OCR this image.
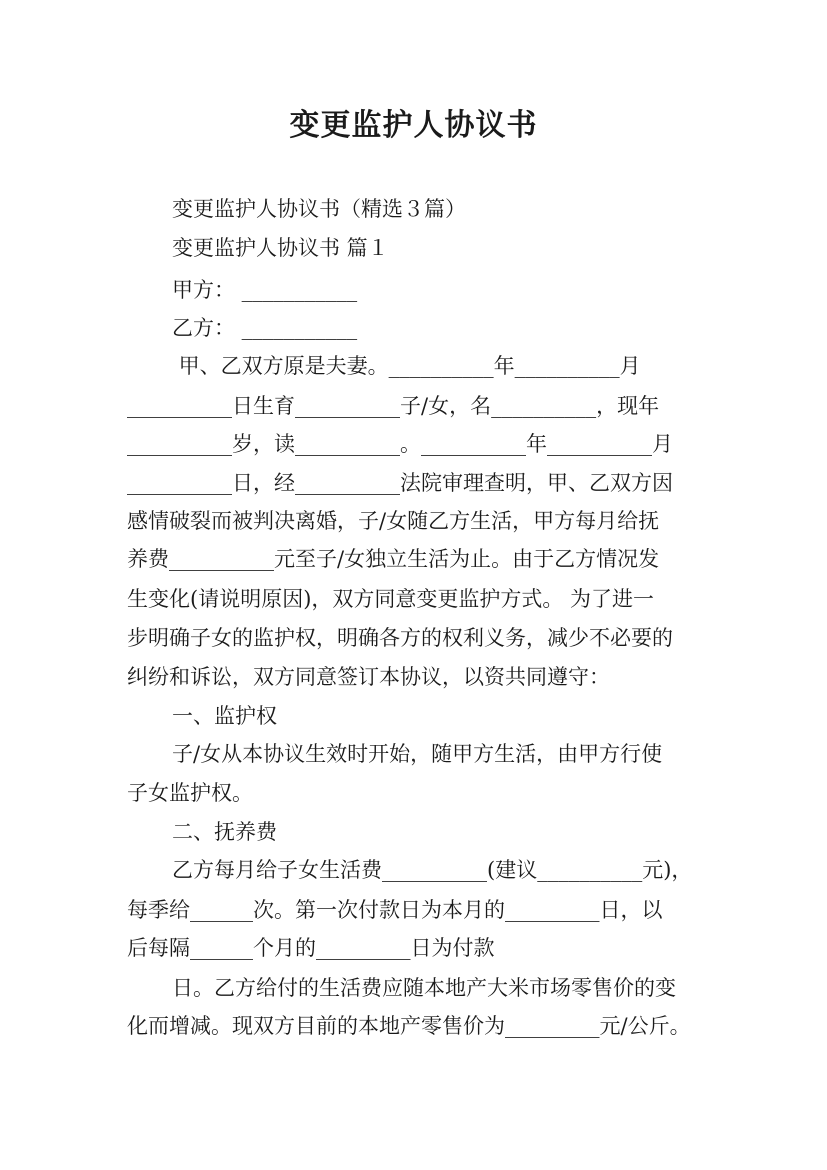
变更监护人协议书
变更监护人协议书（精选３篇）
变更监护人协议书 篇１
甲方： ___________
乙方： ___________
甲、乙双方原是夫妻。__________年__________月
__________日生育__________子/女，名__________，现年
__________岁，读__________。__________年__________月
__________日，经__________法院审理查明，甲、乙双方因
感情破裂而被判决离婚，子/女随乙方生活，甲方每月给抚
养费__________元至子/女独立生活为止。由于乙方情况发
生变化(请说明原因)，双方同意变更监护方式。 为了进一
步明确子女的监护权，明确各方的权利义务，减少不必要的
纠纷和诉讼，双方同意签订本协议，以资共同遵守：
一、监护权
子/女从本协议生效时开始，随甲方生活，由甲方行使
子女监护权。
二、抚养费
乙方每月给子女生活费__________(建议__________元)，
每季给______次。第一次付款日为本月的_________日，以
后每隔______个月的_________日为付款
日。乙方给付的生活费应随本地产大米市场零售价的变
化而增减。现双方目前的本地产零售价为_________元/公斤。
